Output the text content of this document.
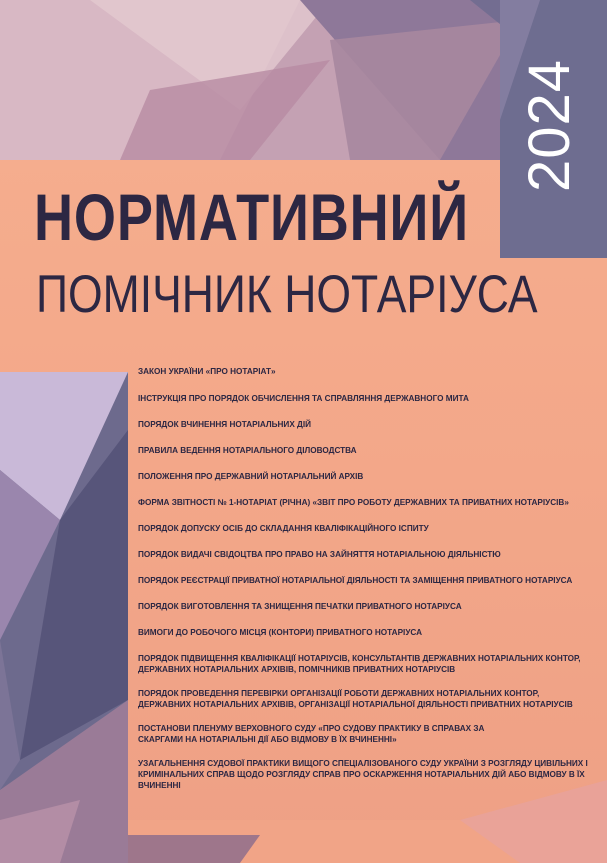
2024
НОРМАТИВНИЙ
ПОМІЧНИК НОТАРІУСА
ЗАКОН УКРАЇНИ «ПРО НОТАРІАТ»
ІНСТРУКЦІЯ ПРО ПОРЯДОК ОБЧИСЛЕННЯ ТА СПРАВЛЯННЯ ДЕРЖАВНОГО МИТА
ПОРЯДОК ВЧИНЕННЯ НОТАРІАЛЬНИХ ДІЙ
ПРАВИЛА ВЕДЕННЯ НОТАРІАЛЬНОГО ДІЛОВОДСТВА
ПОЛОЖЕННЯ ПРО ДЕРЖАВНИЙ НОТАРІАЛЬНИЙ АРХІВ
ФОРМА ЗВІТНОСТІ № 1-НОТАРІАТ (РІЧНА) «ЗВІТ ПРО РОБОТУ ДЕРЖАВНИХ ТА ПРИВАТНИХ НОТАРІУСІВ»
ПОРЯДОК ДОПУСКУ ОСІБ ДО СКЛАДАННЯ КВАЛІФІКАЦІЙНОГО ІСПИТУ
ПОРЯДОК ВИДАЧІ СВІДОЦТВА ПРО ПРАВО НА ЗАЙНЯТТЯ НОТАРІАЛЬНОЮ ДІЯЛЬНІСТЮ
ПОРЯДОК РЕЄСТРАЦІЇ ПРИВАТНОЇ НОТАРІАЛЬНОЇ ДІЯЛЬНОСТІ ТА ЗАМІЩЕННЯ ПРИВАТНОГО НОТАРІУСА
ПОРЯДОК ВИГОТОВЛЕННЯ ТА ЗНИЩЕННЯ ПЕЧАТКИ ПРИВАТНОГО НОТАРІУСА
ВИМОГИ ДО РОБОЧОГО МІСЦЯ (КОНТОРИ) ПРИВАТНОГО НОТАРІУСА
ПОРЯДОК ПІДВИЩЕННЯ КВАЛІФІКАЦІЇ НОТАРІУСІВ, КОНСУЛЬТАНТІВ ДЕРЖАВНИХ НОТАРІАЛЬНИХ КОНТОР, ДЕРЖАВНИХ НОТАРІАЛЬНИХ АРХІВІВ, ПОМІЧНИКІВ ПРИВАТНИХ НОТАРІУСІВ
ПОРЯДОК ПРОВЕДЕННЯ ПЕРЕВІРКИ ОРГАНІЗАЦІЇ РОБОТИ ДЕРЖАВНИХ НОТАРІАЛЬНИХ КОНТОР, ДЕРЖАВНИХ НОТАРІАЛЬНИХ АРХІВІВ, ОРГАНІЗАЦІЇ НОТАРІАЛЬНОЇ ДІЯЛЬНОСТІ ПРИВАТНИХ НОТАРІУСІВ
ПОСТАНОВИ ПЛЕНУМУ ВЕРХОВНОГО СУДУ «ПРО СУДОВУ ПРАКТИКУ В СПРАВАХ ЗА СКАРГАМИ НА НОТАРІАЛЬНІ ДІЇ АБО ВІДМОВУ В ЇХ ВЧИНЕННІ»
УЗАГАЛЬНЕННЯ СУДОВОЇ ПРАКТИКИ ВИЩОГО СПЕЦІАЛІЗОВАНОГО СУДУ УКРАЇНИ З РОЗГЛЯДУ ЦИВІЛЬНИХ І КРИМІНАЛЬНИХ СПРАВ ЩОДО РОЗГЛЯДУ СПРАВ ПРО ОСКАРЖЕННЯ НОТАРІАЛЬНИХ ДІЙ АБО ВІДМОВУ В ЇХ ВЧИНЕННІ
